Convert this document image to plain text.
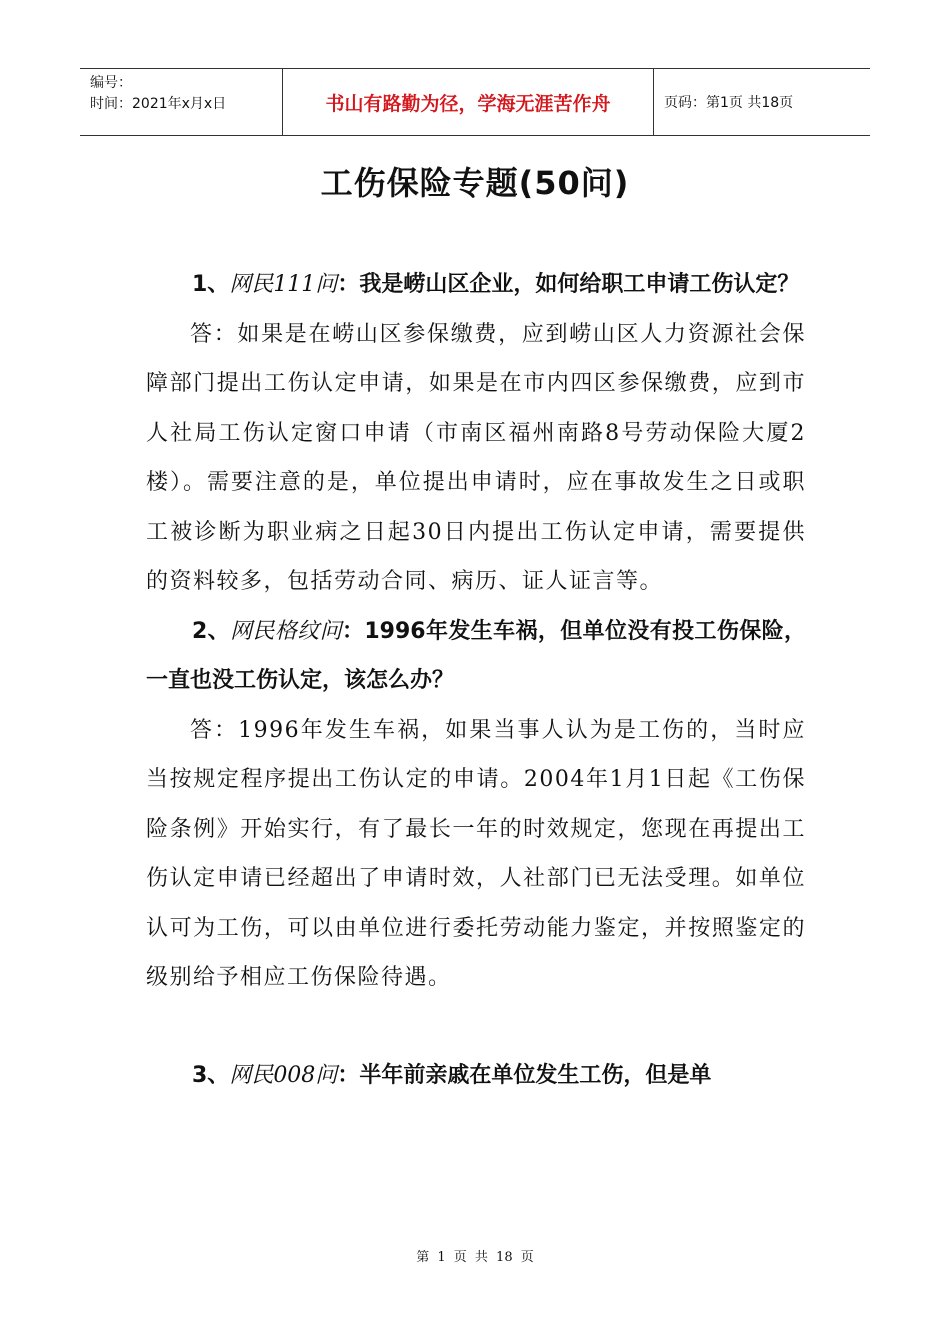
编号：
时间：2021年x月x日	书山有路勤为径，学海无涯苦作舟	页码：第1页 共18页
工伤保险专题(50问)

1、网民111问：我是崂山区企业，如何给职工申请工伤认定？

答：如果是在崂山区参保缴费，应到崂山区人力资源社会保障部门提出工伤认定申请，如果是在市内四区参保缴费，应到市人社局工伤认定窗口申请（市南区福州南路8号劳动保险大厦2楼）。需要注意的是，单位提出申请时，应在事故发生之日或职工被诊断为职业病之日起30日内提出工伤认定申请，需要提供的资料较多，包括劳动合同、病历、证人证言等。

2、网民格纹问：1996年发生车祸，但单位没有投工伤保险，一直也没工伤认定，该怎么办？

答：1996年发生车祸，如果当事人认为是工伤的，当时应当按规定程序提出工伤认定的申请。2004年1月1日起《工伤保险条例》开始实行，有了最长一年的时效规定，您现在再提出工伤认定申请已经超出了申请时效，人社部门已无法受理。如单位认可为工伤，可以由单位进行委托劳动能力鉴定，并按照鉴定的级别给予相应工伤保险待遇。

3、网民008问：半年前亲戚在单位发生工伤，但是单

第 1 页 共 18 页
